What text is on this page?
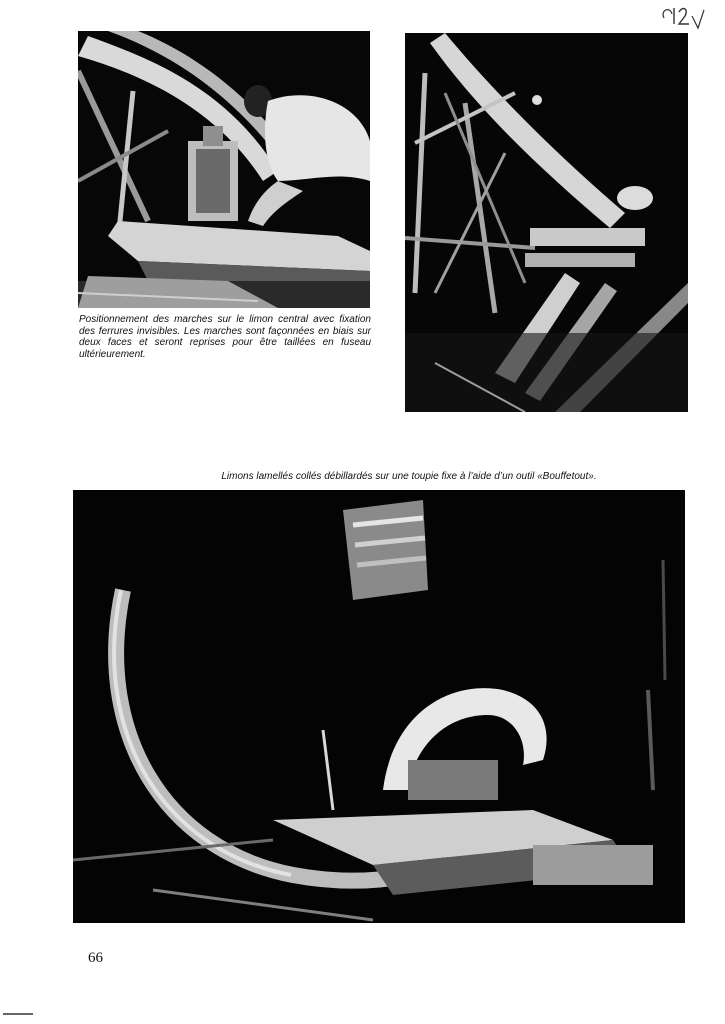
Positionnement des marches sur le limon central avec fixation des ferrures invisibles. Les marches sont façonnées en biais sur deux faces et seront reprises pour être taillées en fuseau ultérieurement.
Limons lamellés collés débillardés sur une toupie fixe à l’aide d’un outil «Bouffetout».
66
